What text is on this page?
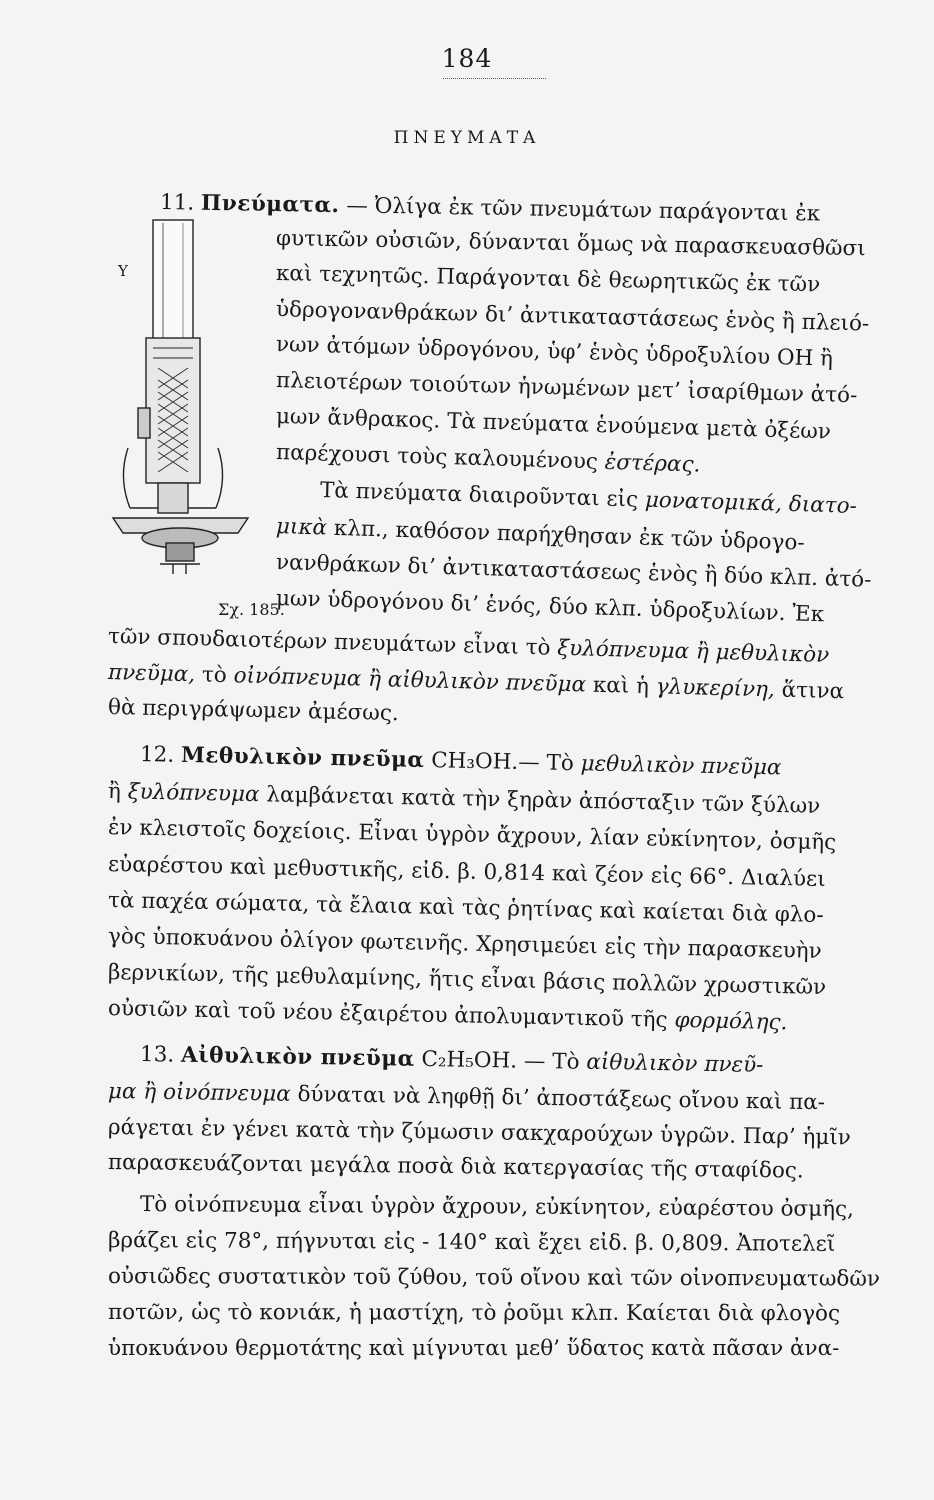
184
ΠΝΕΥΜΑΤΑ
Υ
Σχ. 185.
11. Πνεύματα. — Ὀλίγα ἐκ τῶν πνευμάτων παράγονται ἐκ
φυτικῶν οὐσιῶν, δύνανται ὅμως νὰ παρασκευασθῶσι
καὶ τεχνητῶς. Παράγονται δὲ θεωρητικῶς ἐκ τῶν
ὑδρογονανθράκων δι’ ἀντικαταστάσεως ἑνὸς ἢ πλειό-
νων ἀτόμων ὑδρογόνου, ὑφ’ ἑνὸς ὑδροξυλίου ΟΗ ἢ
πλειοτέρων τοιούτων ἡνωμένων μετ’ ἰσαρίθμων ἀτό-
μων ἄνθρακος. Τὰ πνεύματα ἑνούμενα μετὰ ὀξέων
παρέχουσι τοὺς καλουμένους ἐστέρας.
Τὰ πνεύματα διαιροῦνται εἰς μονατομικά, διατο-
μικὰ κλπ., καθόσον παρήχθησαν ἐκ τῶν ὑδρογο-
νανθράκων δι’ ἀντικαταστάσεως ἑνὸς ἢ δύο κλπ. ἀτό-
μων ὑδρογόνου δι’ ἑνός, δύο κλπ. ὑδροξυλίων. Ἐκ
τῶν σπουδαιοτέρων πνευμάτων εἶναι τὸ ξυλόπνευμα ἢ μεθυλικὸν
πνεῦμα, τὸ οἰνόπνευμα ἢ αἰθυλικὸν πνεῦμα καὶ ἡ γλυκερίνη, ἅτινα
θὰ περιγράψωμεν ἀμέσως.
12. Μεθυλικὸν πνεῦμα CH₃OH.— Τὸ μεθυλικὸν πνεῦμα
ἢ ξυλόπνευμα λαμβάνεται κατὰ τὴν ξηρὰν ἀπόσταξιν τῶν ξύλων
ἐν κλειστοῖς δοχείοις. Εἶναι ὑγρὸν ἄχρουν, λίαν εὐκίνητον, ὀσμῆς
εὐαρέστου καὶ μεθυστικῆς, εἰδ. β. 0,814 καὶ ζέον εἰς 66°. Διαλύει
τὰ παχέα σώματα, τὰ ἔλαια καὶ τὰς ῥητίνας καὶ καίεται διὰ φλο-
γὸς ὑποκυάνου ὀλίγον φωτεινῆς. Χρησιμεύει εἰς τὴν παρασκευὴν
βερνικίων, τῆς μεθυλαμίνης, ἥτις εἶναι βάσις πολλῶν χρωστικῶν
οὐσιῶν καὶ τοῦ νέου ἐξαιρέτου ἀπολυμαντικοῦ τῆς φορμόλης.
13. Αἰθυλικὸν πνεῦμα C₂H₅OH. — Τὸ αἰθυλικὸν πνεῦ-
μα ἢ οἰνόπνευμα δύναται νὰ ληφθῇ δι’ ἀποστάξεως οἴνου καὶ πα-
ράγεται ἐν γένει κατὰ τὴν ζύμωσιν σακχαρούχων ὑγρῶν. Παρ’ ἡμῖν
παρασκευάζονται μεγάλα ποσὰ διὰ κατεργασίας τῆς σταφίδος.
Τὸ οἰνόπνευμα εἶναι ὑγρὸν ἄχρουν, εὐκίνητον, εὐαρέστου ὀσμῆς,
βράζει εἰς 78°, πήγνυται εἰς - 140° καὶ ἔχει εἰδ. β. 0,809. Ἀποτελεῖ
οὐσιῶδες συστατικὸν τοῦ ζύθου, τοῦ οἴνου καὶ τῶν οἰνοπνευματωδῶν
ποτῶν, ὡς τὸ κονιάκ, ἡ μαστίχη, τὸ ῥοῦμι κλπ. Καίεται διὰ φλογὸς
ὑποκυάνου θερμοτάτης καὶ μίγνυται μεθ’ ὕδατος κατὰ πᾶσαν ἀνα-
